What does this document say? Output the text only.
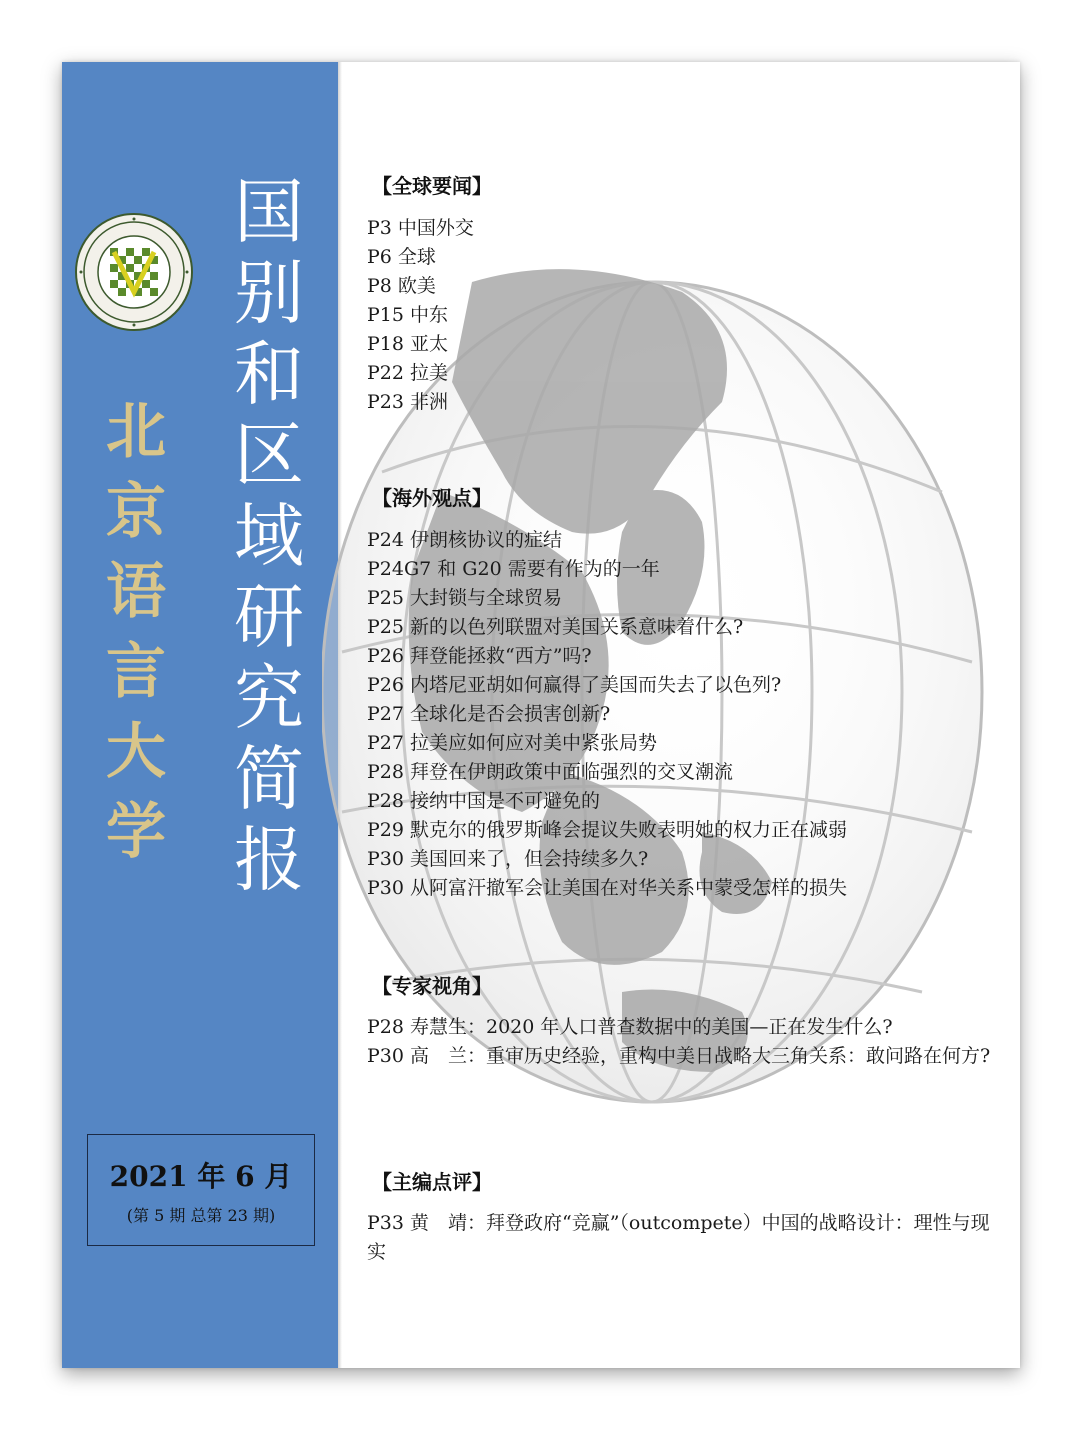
北
京
语
言
大
学
国
别
和
区
域
研
究
简
报
2021 年 6 月
(第 5 期 总第 23 期)
【全球要闻】
P3 中国外交
P6 全球
P8 欧美
P15 中东
P18 亚太
P22 拉美
P23 非洲
【海外观点】
P24 伊朗核协议的症结
P24G7 和 G20 需要有作为的一年
P25 大封锁与全球贸易
P25 新的以色列联盟对美国关系意味着什么?
P26 拜登能拯救“西方”吗?
P26 内塔尼亚胡如何赢得了美国而失去了以色列?
P27 全球化是否会损害创新?
P27 拉美应如何应对美中紧张局势
P28 拜登在伊朗政策中面临强烈的交叉潮流
P28 接纳中国是不可避免的
P29 默克尔的俄罗斯峰会提议失败表明她的权力正在减弱
P30 美国回来了，但会持续多久?
P30 从阿富汗撤军会让美国在对华关系中蒙受怎样的损失
【专家视角】
P28 寿慧生：2020 年人口普查数据中的美国—正在发生什么?
P30 高　兰：重审历史经验，重构中美日战略大三角关系：敢问路在何方?
【主编点评】
P33 黄　靖：拜登政府“竞赢”（outcompete）中国的战略设计：理性与现实
